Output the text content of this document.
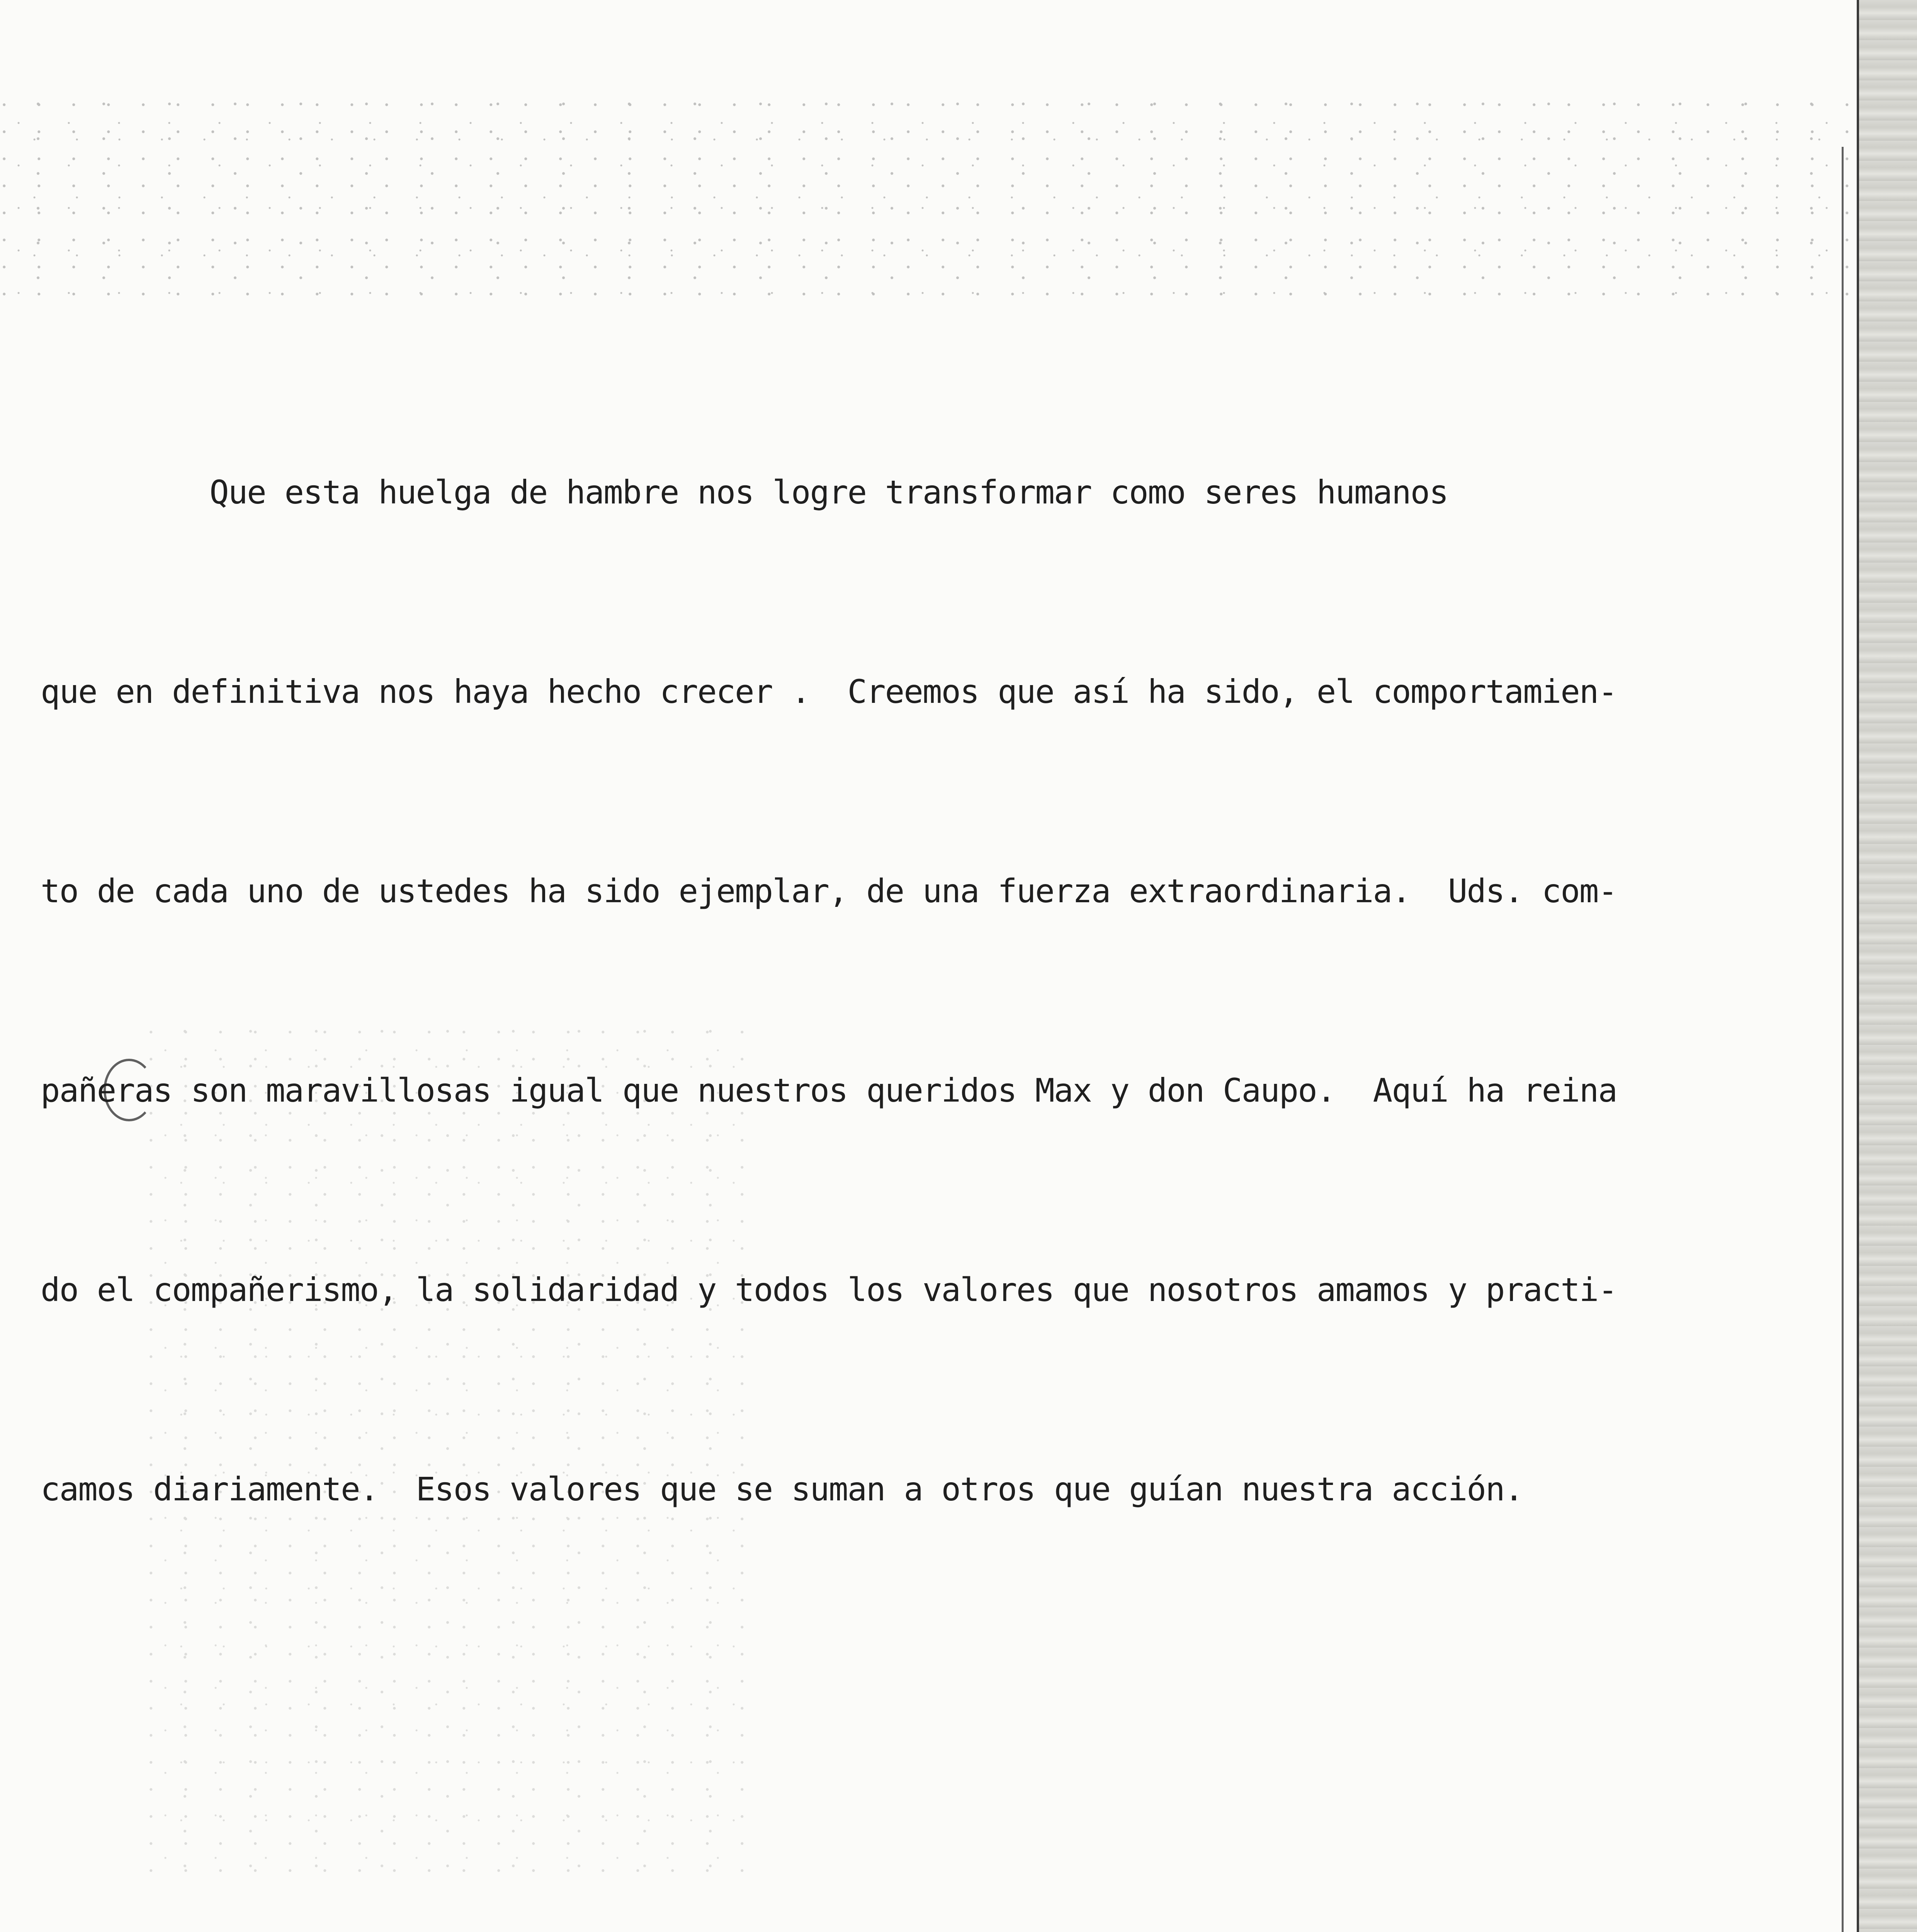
Que esta huelga de hambre nos logre transformar como seres humanos

que en definitiva nos haya hecho crecer .  Creemos que así ha sido, el comportamien-

to de cada uno de ustedes ha sido ejemplar, de una fuerza extraordinaria.  Uds. com-

pañeras son maravillosas igual que nuestros queridos Max y don Caupo.  Aquí ha reina

do el compañerismo, la solidaridad y todos los valores que nosotros amamos y practi-

camos diariamente.  Esos valores que se suman a otros que guían nuestra acción.
